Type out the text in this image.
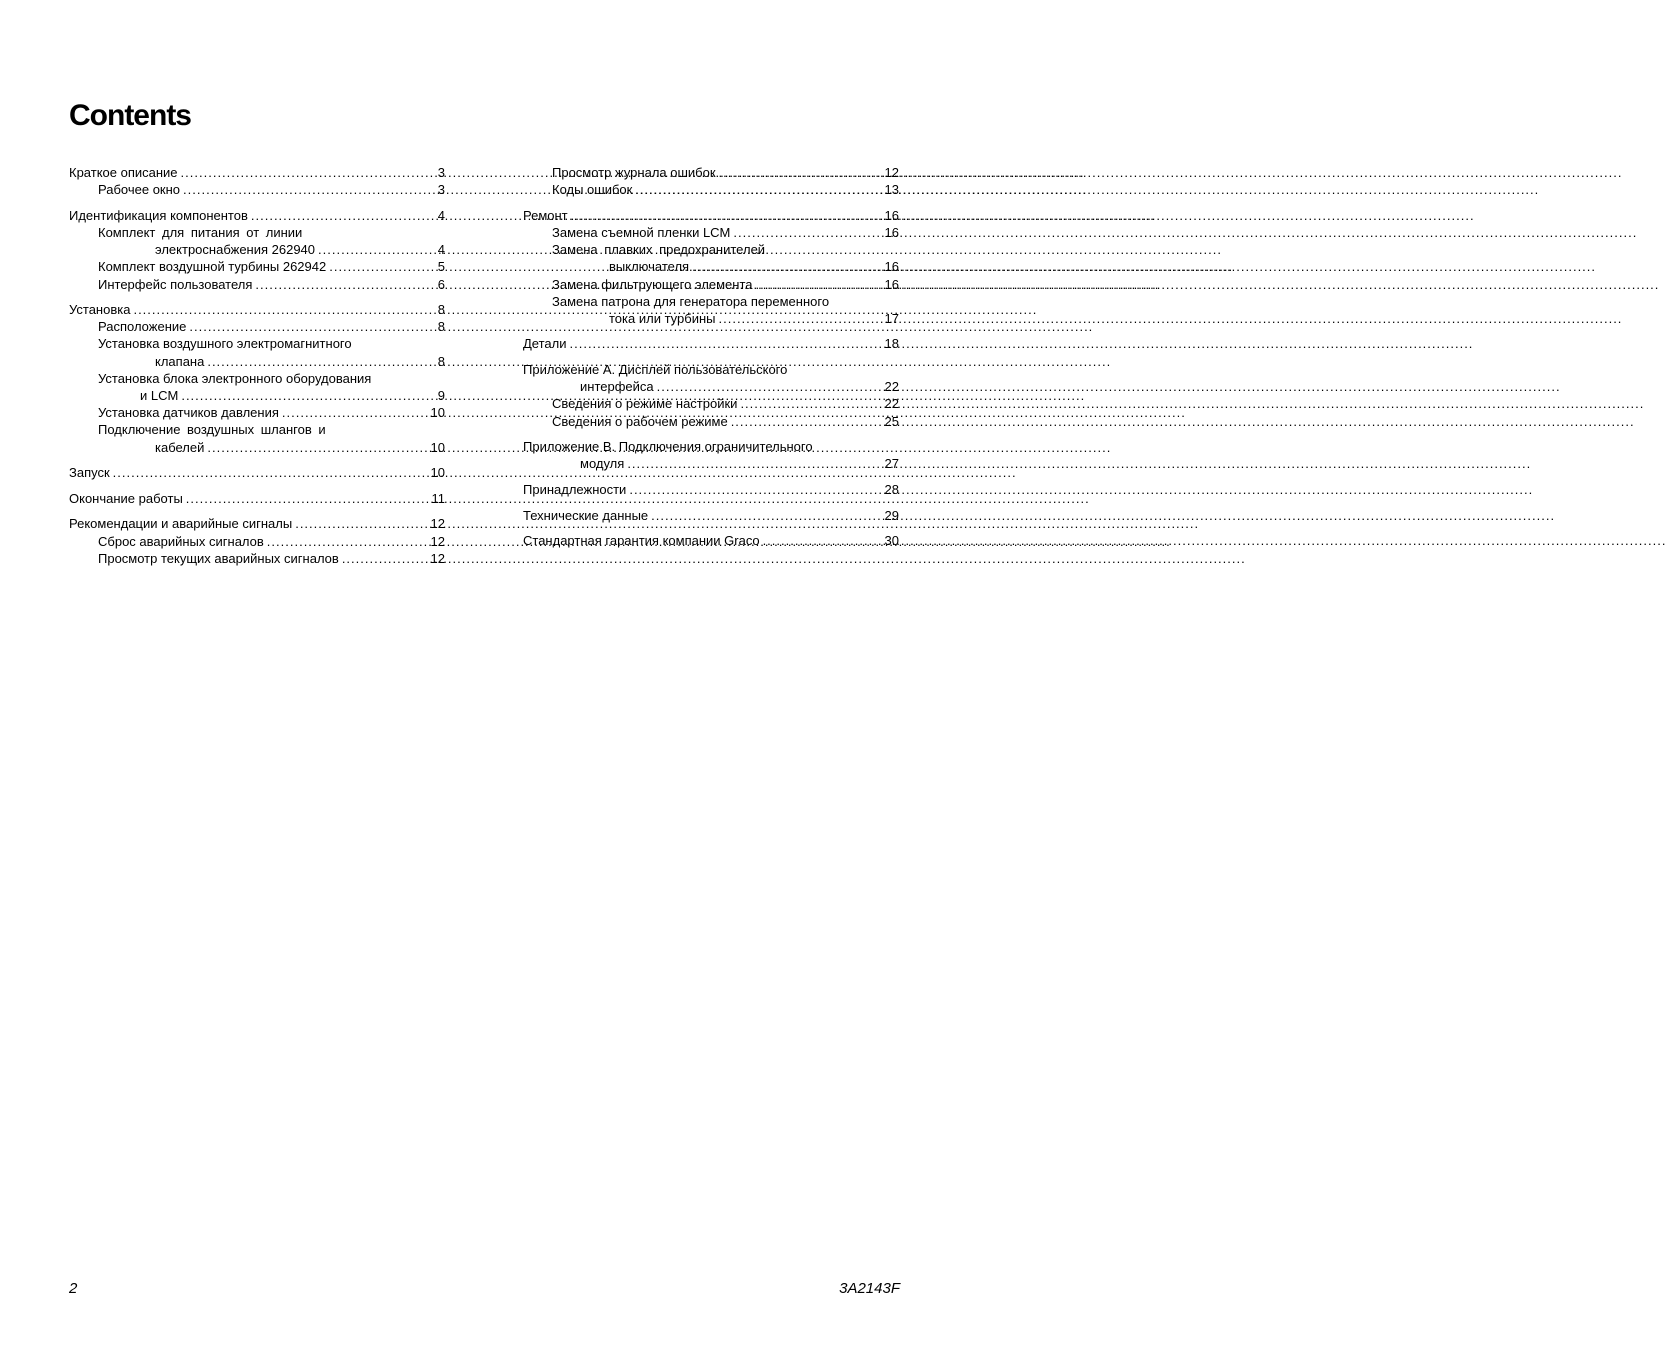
Contents
Краткое описание .....	3
Рабочее окно .....	3
Идентификация компонентов .....	4
Комплект для питания от линии
электроснабжения 262940 .....	4
Комплект воздушной турбины 262942 .....	5
Интерфейс пользователя .....	6
Установка .....	8
Расположение .....	8
Установка воздушного электромагнитного
клапана .....	8
Установка блока электронного оборудования
и LCM .....	9
Установка датчиков давления .....	10
Подключение воздушных шлангов и
кабелей .....	10
Запуск .....	10
Окончание работы .....	11
Рекомендации и аварийные сигналы .....	12
Сброс аварийных сигналов .....	12
Просмотр текущих аварийных сигналов .....	12
Просмотр журнала ошибок .....	12
Коды ошибок .....	13
Ремонт .....	16
Замена съемной пленки LCM .....	16
Замена плавких предохранителей
выключателя .....	16
Замена фильтрующего элемента .....	16
Замена патрона для генератора переменного
тока или турбины .....	17
Детали .....	18
Приложение А. Дисплей пользовательского
интерфейса .....	22
Сведения о режиме настройки .....	22
Сведения о рабочем режиме .....	25
Приложение В. Подключения ограничительного
модуля .....	27
Принадлежности .....	28
Технические данные .....	29
Стандартная гарантия компании Graco .....	30
2	3A2143F
